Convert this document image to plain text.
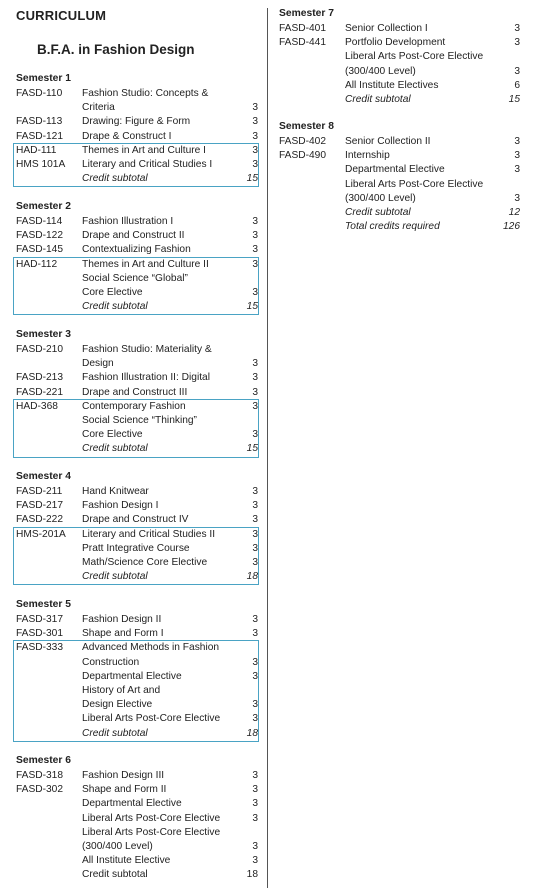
CURRICULUM
B.F.A. in Fashion Design
Semester 1
FASD-110 Fashion Studio: Concepts &
Criteria	3
FASD-113 Drawing: Figure & Form	3
FASD-121 Drape & Construct I	3
HAD-111	Themes in Art and Culture I	3
HMS 101A Literary and Critical Studies I	3
Credit subtotal	15
Semester 2
FASD-114 Fashion Illustration I	3
FASD-122 Drape and Construct II	3
FASD-145 Contextualizing Fashion	3
HAD-112 Themes in Art and Culture II	3
Social Science “Global”
Core Elective	3
Credit subtotal	15
Semester 3
FASD-210 Fashion Studio: Materiality &
Design	3
FASD-213 Fashion Illustration II: Digital	3
FASD-221 Drape and Construct III	3
HAD-368 Contemporary Fashion	3
Social Science “Thinking”
Core Elective	3
Credit subtotal	15
Semester 4
FASD-211 Hand Knitwear	3
FASD-217 Fashion Design I	3
FASD-222 Drape and Construct IV	3
HMS-201A Literary and Critical Studies II	3
Pratt Integrative Course	3
Math/Science Core Elective	3
Credit subtotal	18
Semester 5
FASD-317 Fashion Design II	3
FASD-301 Shape and Form I	3
FASD-333 Advanced Methods in Fashion
Construction	3
Departmental Elective	3
History of Art and
Design Elective	3
Liberal Arts Post-Core Elective	3
Credit subtotal	18
Semester 6
FASD-318 Fashion Design III	3
FASD-302 Shape and Form II	3
Departmental Elective	3
Liberal Arts Post-Core Elective	3
Liberal Arts Post-Core Elective
(300/400 Level)	3
All Institute Elective	3
Credit subtotal	18
Semester 7
FASD-401 Senior Collection I	3
FASD-441 Portfolio Development	3
Liberal Arts Post-Core Elective
(300/400 Level)	3
All Institute Electives	6
Credit subtotal	15
Semester 8
FASD-402 Senior Collection II	3
FASD-490 Internship	3
Departmental Elective	3
Liberal Arts Post-Core Elective
(300/400 Level)	3
Credit subtotal	12
Total credits required	126
